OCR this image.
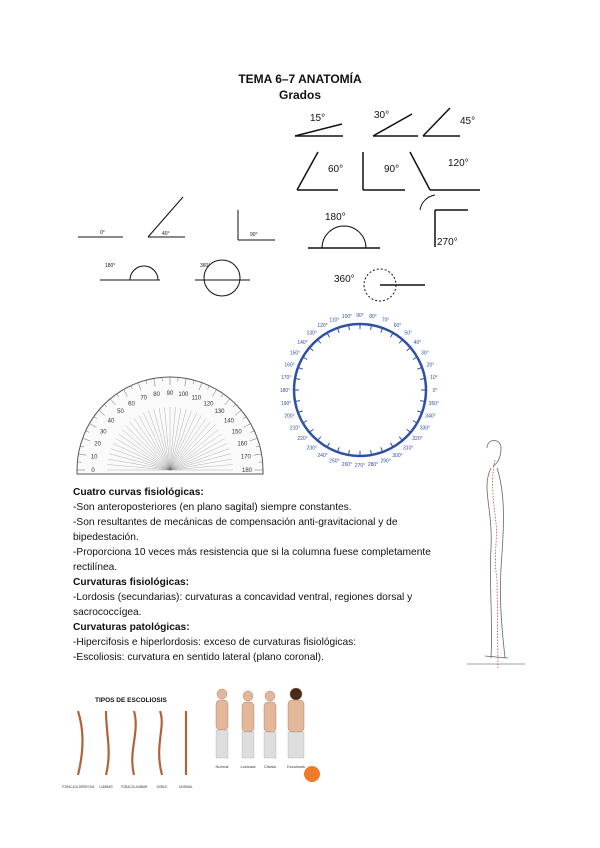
TEMA 6–7 ANATOMÍA
Grados
15°	30°
45°
60°	90°
120°
180°
270°
360°
0°	40°	90°
180°	360°
0
10
20
30
40
50
60
70
80 90 100
110
120
130
140
150
160
170
180
0°
10°
20°
30°
40°
50°
60°
70°
80°
90°
100°
110°
120°
130°
140°
150°
160°
170°
180°
190°
200°
210°
220°
230°
240°
250°
260° 270° 280°
290°
300°
310°
320°
330°
340°
350°

Cuatro curvas fisiológicas:

-Son anteroposteriores (en plano sagital) siempre constantes.

-Son resultantes de mecánicas de compensación anti-gravitacional y de bipedestación.

-Proporciona 10 veces más resistencia que si la columna fuese completamente rectilínea.

Curvaturas fisiológicas:

-Lordosis (secundarias): curvaturas a concavidad ventral, regiones dorsal y sacrococcígea.

Curvaturas patológicas:

-Hipercifosis e hiperlordosis: exceso de curvaturas fisiológicas:

-Escoliosis: curvatura en sentido lateral (plano coronal).

TIPOS DE ESCOLIOSIS
TORACICA DERECHA LUMBAR TORACOLUMBAR	DOBLE	NORMAL
Normal	Lordosis Cifosis	Escoliosis
